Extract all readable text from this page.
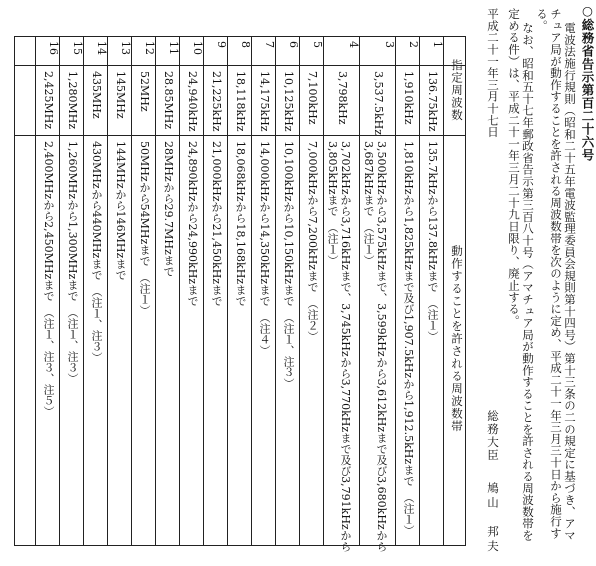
○総務省告示第百二十六号
電波法施行規則（昭和二十五年電波監理委員会規則第十四号）第十三条の二の規定に基づき、アマ
チュア局が動作することを許される周波数帯を次のように定め、平成二十一年三月三十日から施行す
る。
なお、昭和五十七年郵政省告示第三百八十号（アマチュア局が動作することを許される周波数帯を
定める件）は、平成二十一年三月二十九日限り、廃止する。
平成二十一年三月十七日
総務大臣
鳩山　邦夫
指定周波数
動作することを許される周波数帯
1
136.75kHz
135.7kHzから137.8kHzまで　（注１）
2
1,910kHz
1,810kHzから1,825kHzまで及び1,907.5kHzから1,912.5kHzまで　（注１）
3
3,537.5kHz
3,500kHzから3,575kHzまで、3,599kHzから3,612kHzまで及び3,680kHzから
3,687kHzまで　（注１）
4
3,798kHz
3,702kHzから3,716kHzまで、3,745kHzから3,770kHzまで及び3,791kHzから
3,805kHzまで　（注１）
5
7,100kHz
7,000kHzから7,200kHzまで　（注２）
6
10,125kHz
10,100kHzから10,150kHzまで　（注１、注３）
7
14,175kHz
14,000kHzから14,350kHzまで　（注４）
8
18,118kHz
18,068kHzから18,168kHzまで
9
21,225kHz
21,000kHzから21,450kHzまで
10
24,940kHz
24,890kHzから24,990kHzまで
11
28.85MHz
28MHzから29.7MHzまで
12
52MHz
50MHzから54MHzまで　（注１）
13
145MHz
144MHzから146MHzまで
14
435MHz
430MHzから440MHzまで　（注１、注３）
15
1,280MHz
1,260MHzから1,300MHzまで　（注１、注３）
16
2,425MHz
2,400MHzから2,450MHzまで　（注１、注３、注５）
